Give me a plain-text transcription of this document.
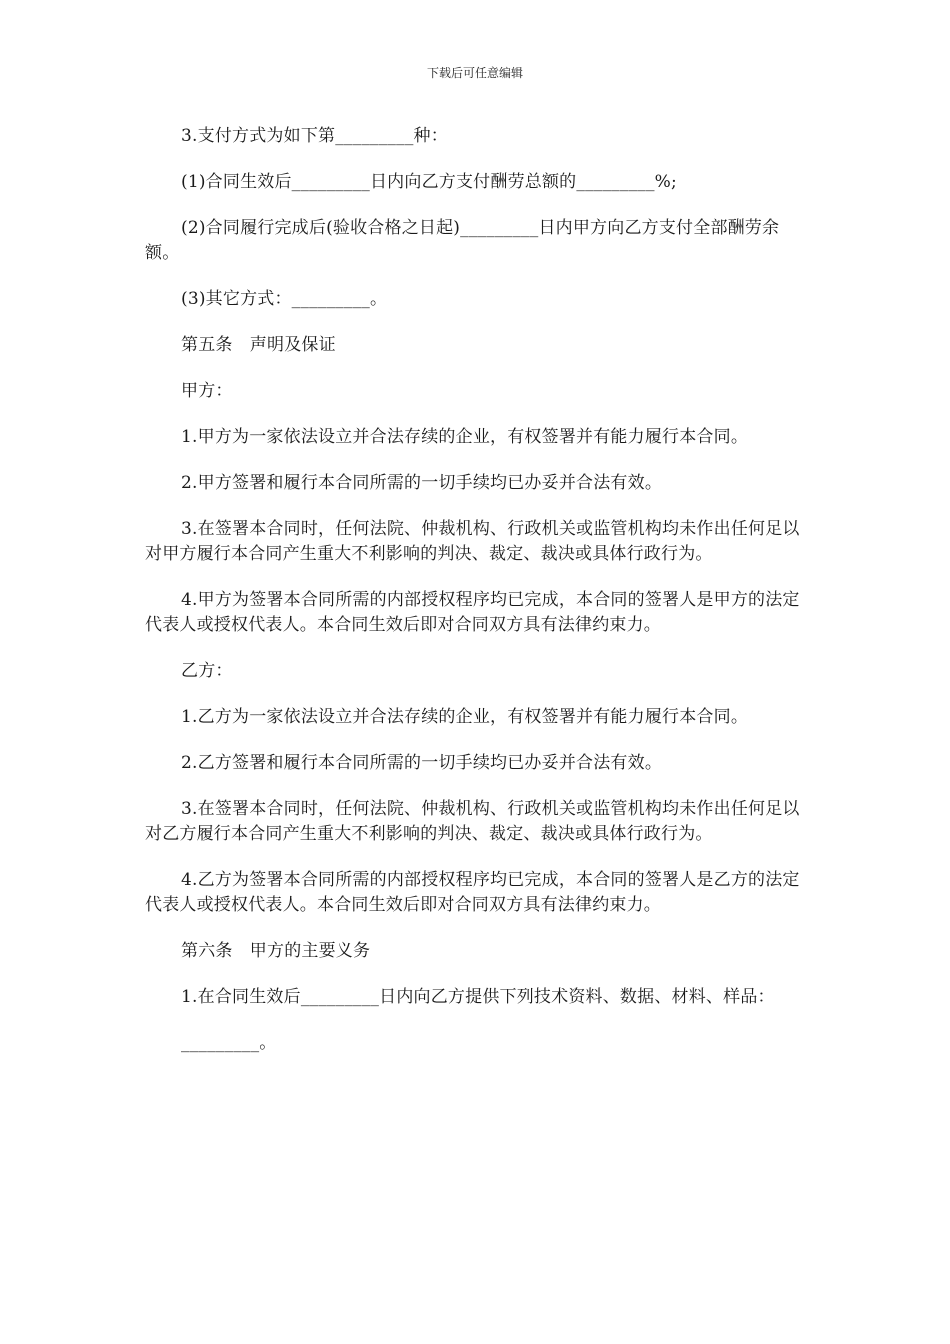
下载后可任意编辑

3.支付方式为如下第_________种：

(1)合同生效后_________日内向乙方支付酬劳总额的_________%;

(2)合同履行完成后(验收合格之日起)_________日内甲方向乙方支付全部酬劳余额。

(3)其它方式：_________。

第五条　声明及保证

甲方：

1.甲方为一家依法设立并合法存续的企业，有权签署并有能力履行本合同。

2.甲方签署和履行本合同所需的一切手续均已办妥并合法有效。

3.在签署本合同时，任何法院、仲裁机构、行政机关或监管机构均未作出任何足以对甲方履行本合同产生重大不利影响的判决、裁定、裁决或具体行政行为。

4.甲方为签署本合同所需的内部授权程序均已完成，本合同的签署人是甲方的法定代表人或授权代表人。本合同生效后即对合同双方具有法律约束力。

乙方：

1.乙方为一家依法设立并合法存续的企业，有权签署并有能力履行本合同。

2.乙方签署和履行本合同所需的一切手续均已办妥并合法有效。

3.在签署本合同时，任何法院、仲裁机构、行政机关或监管机构均未作出任何足以对乙方履行本合同产生重大不利影响的判决、裁定、裁决或具体行政行为。

4.乙方为签署本合同所需的内部授权程序均已完成，本合同的签署人是乙方的法定代表人或授权代表人。本合同生效后即对合同双方具有法律约束力。

第六条　甲方的主要义务

1.在合同生效后_________日内向乙方提供下列技术资料、数据、材料、样品：

_________。
